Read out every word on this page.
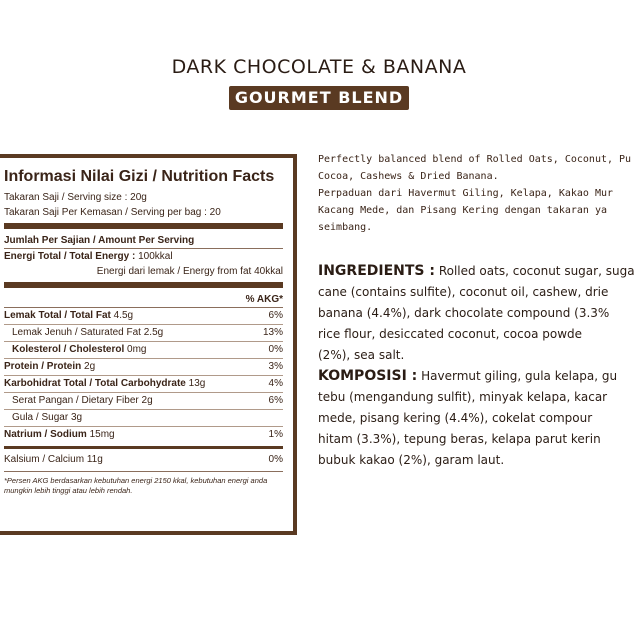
DARK CHOCOLATE & BANANA
GOURMET BLEND
Informasi Nilai Gizi / Nutrition Facts
Takaran Saji / Serving size : 20g
Takaran Saji Per Kemasan / Serving per bag : 20
Jumlah Per Sajian / Amount Per Serving
Energi Total / Total Energy : 100kkal
Energi dari lemak / Energy from fat 40kkal
% AKG*
Lemak Total / Total Fat 4.5g	6%
Lemak Jenuh / Saturated Fat 2.5g	13%
Kolesterol / Cholesterol 0mg	0%
Protein / Protein 2g	3%
Karbohidrat Total / Total Carbohydrate 13g	4%
Serat Pangan / Dietary Fiber 2g	6%
Gula / Sugar 3g
Natrium / Sodium 15mg	1%
Kalsium / Calcium 11g	0%
*Persen AKG berdasarkan kebutuhan energi 2150 kkal, kebutuhan energi anda mungkin lebih tinggi atau lebih rendah.
Perfectly balanced blend of Rolled Oats, Coconut, Pu
Cocoa, Cashews & Dried Banana.
Perpaduan dari Havermut Giling, Kelapa, Kakao Mur
Kacang Mede, dan Pisang Kering dengan takaran ya
seimbang.
INGREDIENTS : Rolled oats, coconut sugar, suga
cane (contains sulfite), coconut oil, cashew, drie
banana (4.4%), dark chocolate compound (3.3%
rice flour, desiccated coconut, cocoa powde
(2%), sea salt.
KOMPOSISI : Havermut giling, gula kelapa, gu
tebu (mengandung sulfit), minyak kelapa, kacar
mede, pisang kering (4.4%), cokelat compour
hitam (3.3%), tepung beras, kelapa parut kerin
bubuk kakao (2%), garam laut.
